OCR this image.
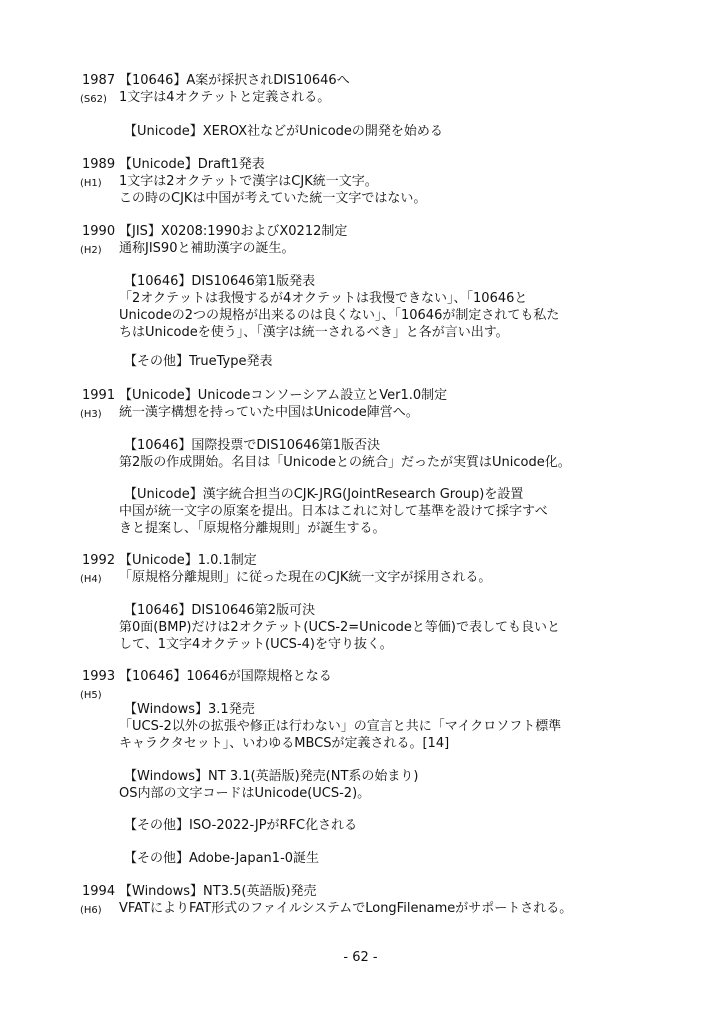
1987 【10646】A案が採択されDIS10646へ
(S62) 1文字は4オクテットと定義される。
【Unicode】XEROX社などがUnicodeの開発を始める
1989 【Unicode】Draft1発表
(H1) 1文字は2オクテットで漢字はCJK統一文字。
この時のCJKは中国が考えていた統一文字ではない。
1990 【JIS】X0208:1990およびX0212制定
(H2) 通称JIS90と補助漢字の誕生。
【10646】DIS10646第1版発表
「2オクテットは我慢するが4オクテットは我慢できない」、「10646と
Unicodeの2つの規格が出来るのは良くない」、「10646が制定されても私た
ちはUnicodeを使う」、「漢字は統一されるべき」と各が言い出す。
【その他】TrueType発表
1991 【Unicode】Unicodeコンソーシアム設立とVer1.0制定
(H3) 統一漢字構想を持っていた中国はUnicode陣営へ。
【10646】国際投票でDIS10646第1版否決
第2版の作成開始。名目は「Unicodeとの統合」だったが実質はUnicode化。
【Unicode】漢字統合担当のCJK-JRG(JointResearch Group)を設置
中国が統一文字の原案を提出。日本はこれに対して基準を設けて採字すべ
きと提案し、「原規格分離規則」が誕生する。
1992 【Unicode】1.0.1制定
(H4) 「原規格分離規則」に従った現在のCJK統一文字が採用される。
【10646】DIS10646第2版可決
第0面(BMP)だけは2オクテット(UCS-2=Unicodeと等価)で表しても良いと
して、1文字4オクテット(UCS-4)を守り抜く。
1993 【10646】10646が国際規格となる
(H5)
【Windows】3.1発売
「UCS-2以外の拡張や修正は行わない」の宣言と共に「マイクロソフト標準
キャラクタセット」、いわゆるMBCSが定義される。[14]
【Windows】NT 3.1(英語版)発売(NT系の始まり)
OS内部の文字コードはUnicode(UCS-2)。
【その他】ISO-2022-JPがRFC化される
【その他】Adobe-Japan1-0誕生
1994 【Windows】NT3.5(英語版)発売
(H6) VFATによりFAT形式のファイルシステムでLongFilenameがサポートされる。
- 62 -
